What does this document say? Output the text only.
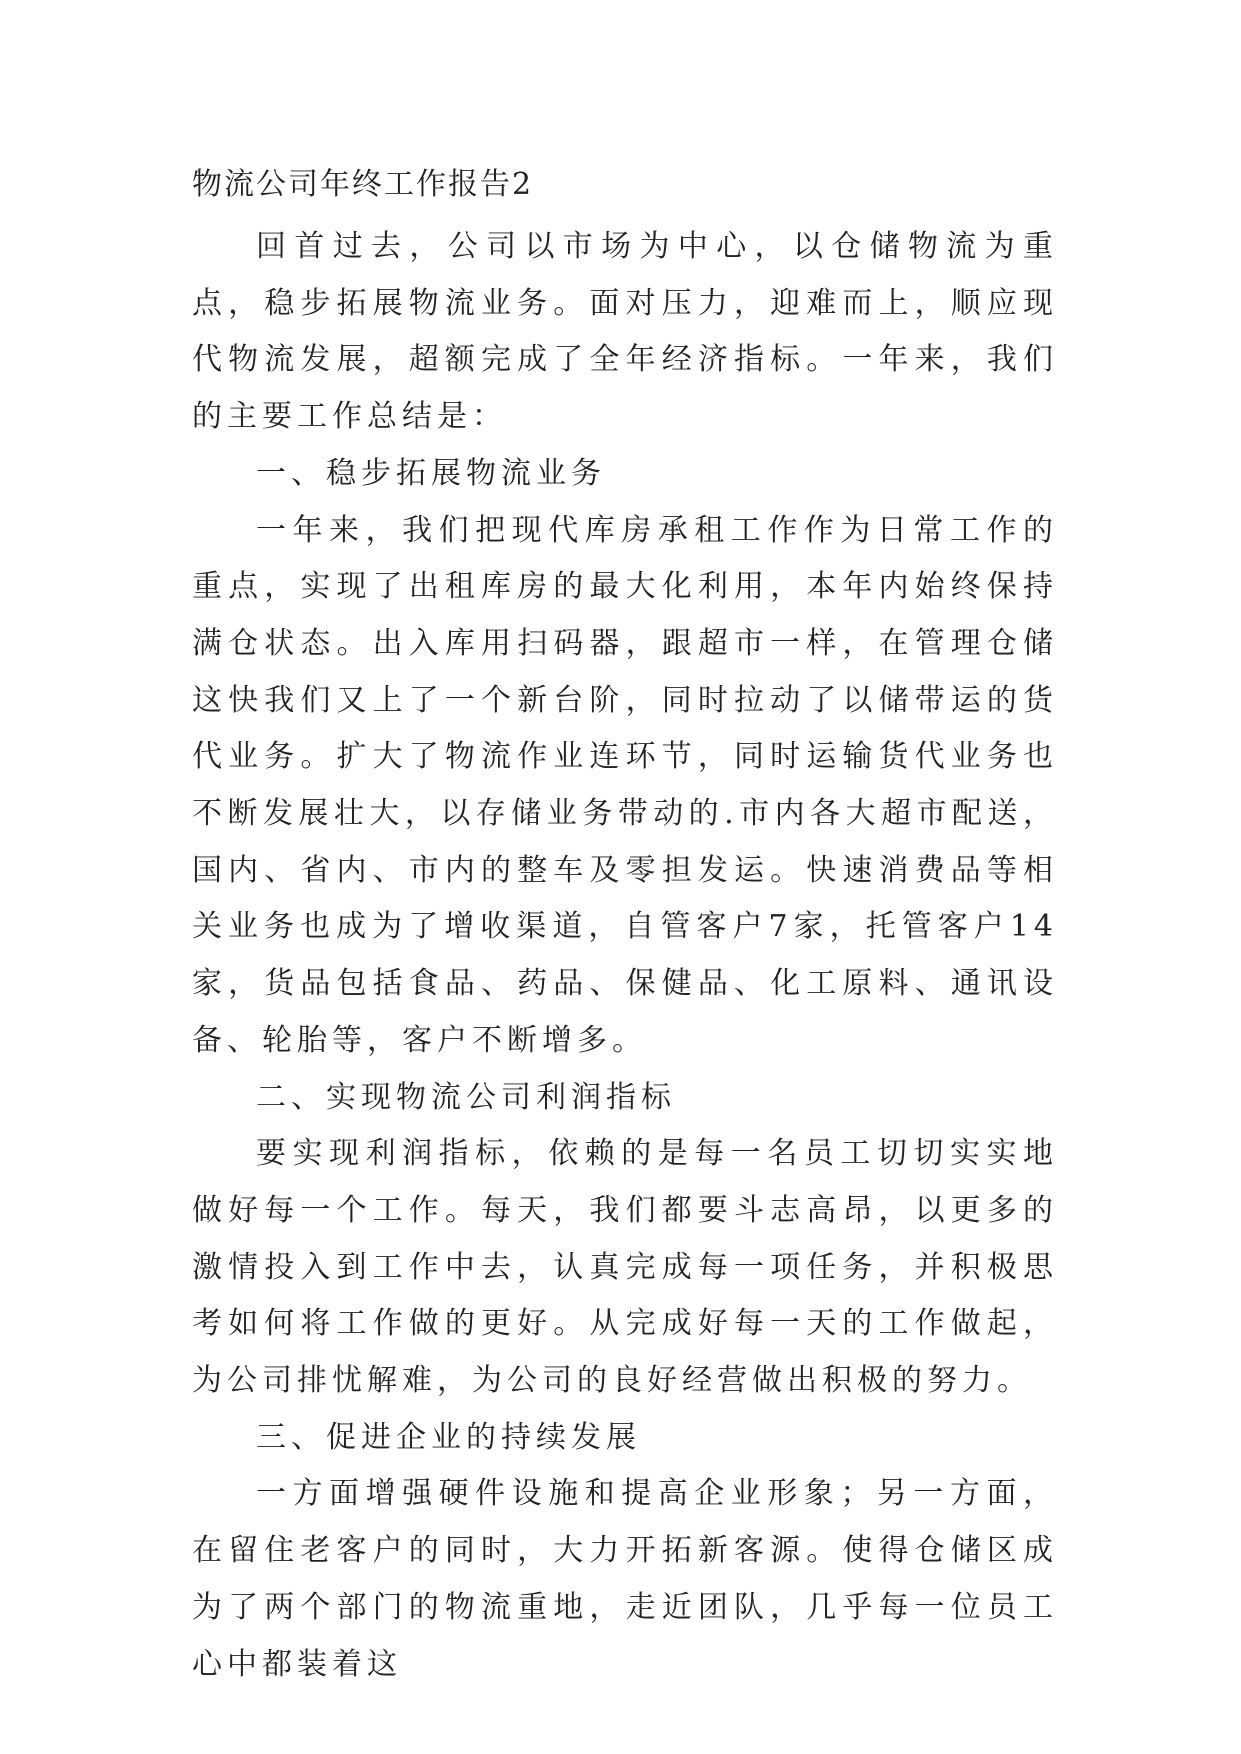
物流公司年终工作报告2

回首过去，公司以市场为中心，以仓储物流为重点，稳步拓展物流业务。面对压力，迎难而上，顺应现代物流发展，超额完成了全年经济指标。一年来，我们的主要工作总结是：

一、稳步拓展物流业务

一年来，我们把现代库房承租工作作为日常工作的重点，实现了出租库房的最大化利用，本年内始终保持满仓状态。出入库用扫码器，跟超市一样，在管理仓储这快我们又上了一个新台阶，同时拉动了以储带运的货代业务。扩大了物流作业连环节，同时运输货代业务也不断发展壮大，以存储业务带动的.市内各大超市配送，国内、省内、市内的整车及零担发运。快速消费品等相关业务也成为了增收渠道，自管客户7家，托管客户14家，货品包括食品、药品、保健品、化工原料、通讯设备、轮胎等，客户不断增多。

二、实现物流公司利润指标

要实现利润指标，依赖的是每一名员工切切实实地做好每一个工作。每天，我们都要斗志高昂，以更多的激情投入到工作中去，认真完成每一项任务，并积极思考如何将工作做的更好。从完成好每一天的工作做起，为公司排忧解难，为公司的良好经营做出积极的努力。

三、促进企业的持续发展

一方面增强硬件设施和提高企业形象；另一方面，在留住老客户的同时，大力开拓新客源。使得仓储区成为了两个部门的物流重地，走近团队，几乎每一位员工心中都装着这
